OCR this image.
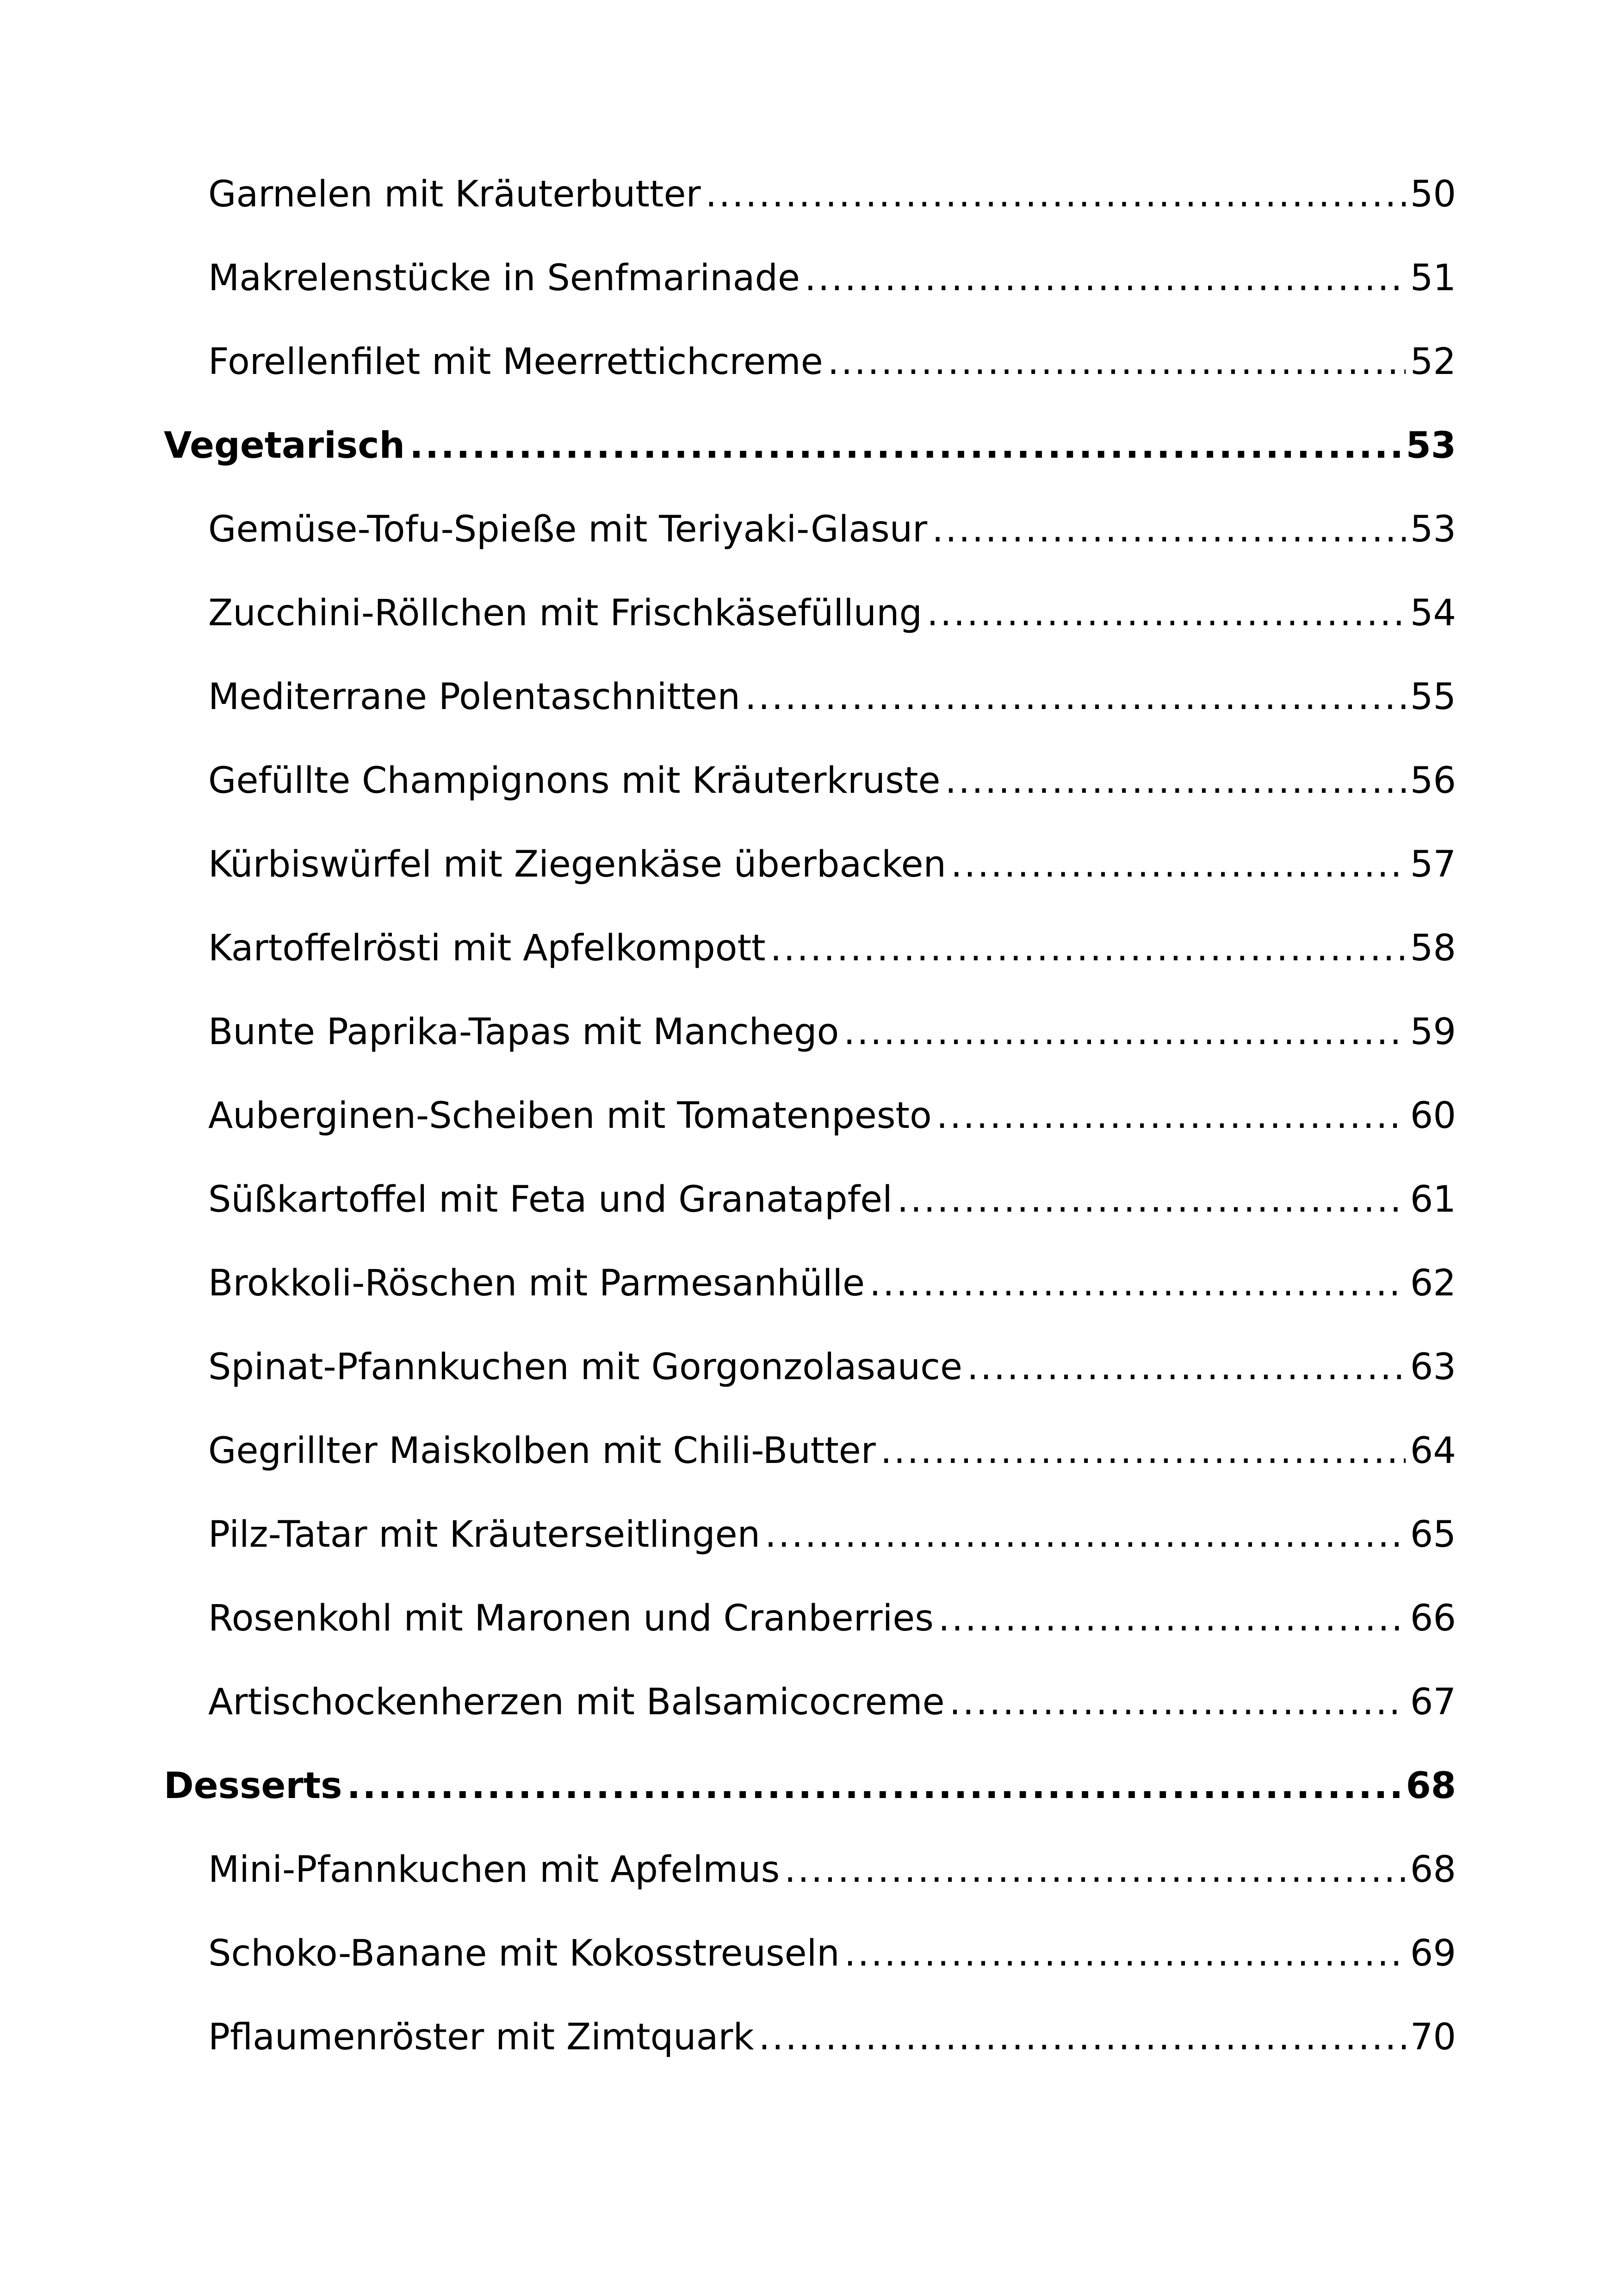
Garnelen mit Kräuterbutter .....	50
Makrelenstücke in Senfmarinade .....	51
Forellenfilet mit Meerrettichcreme .....	52
Vegetarisch .....	53
Gemüse-Tofu-Spieße mit Teriyaki-Glasur .....	53
Zucchini-Röllchen mit Frischkäsefüllung .....	54
Mediterrane Polentaschnitten .....	55
Gefüllte Champignons mit Kräuterkruste .....	56
Kürbiswürfel mit Ziegenkäse überbacken .....	57
Kartoffelrösti mit Apfelkompott .....	58
Bunte Paprika-Tapas mit Manchego .....	59
Auberginen-Scheiben mit Tomatenpesto .....	60
Süßkartoffel mit Feta und Granatapfel .....	61
Brokkoli-Röschen mit Parmesanhülle .....	62
Spinat-Pfannkuchen mit Gorgonzolasauce .....	63
Gegrillter Maiskolben mit Chili-Butter .....	64
Pilz-Tatar mit Kräuterseitlingen .....	65
Rosenkohl mit Maronen und Cranberries .....	66
Artischockenherzen mit Balsamicocreme .....	67
Desserts .....	68
Mini-Pfannkuchen mit Apfelmus .....	68
Schoko-Banane mit Kokosstreuseln .....	69
Pflaumenröster mit Zimtquark .....	70
